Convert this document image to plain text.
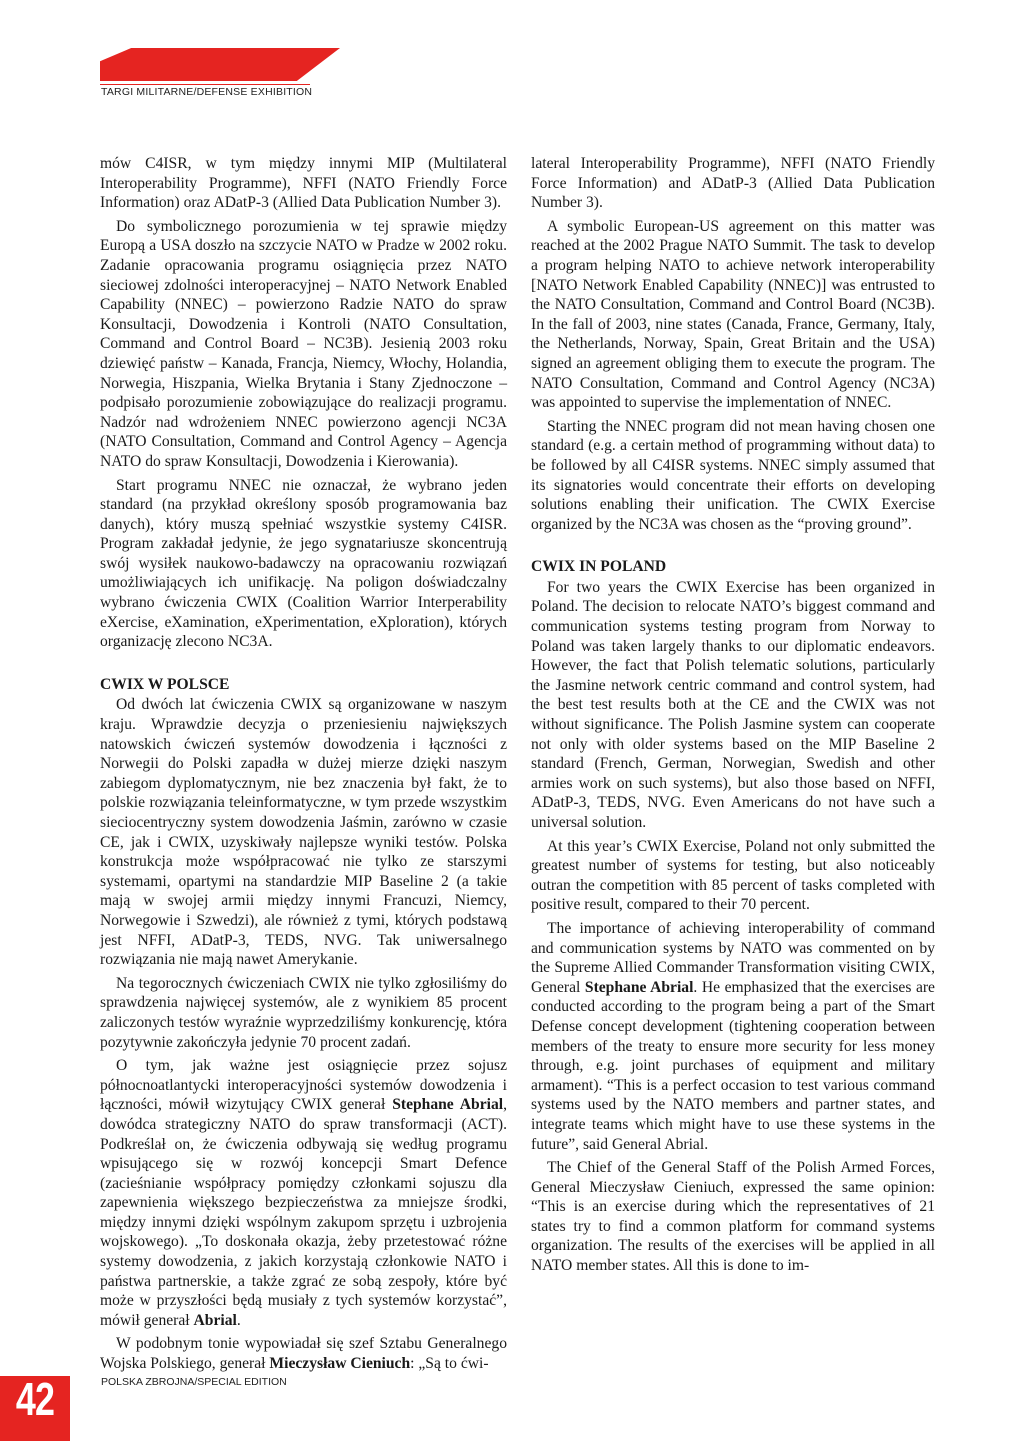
TARGI MILITARNE/DEFENSE EXHIBITION

mów C4ISR, w tym między innymi MIP (Multilateral Interoperability Programme), NFFI (NATO Friendly Force Information) oraz ADatP-3 (Allied Data Publication Number 3).

Do symbolicznego porozumienia w tej sprawie między Europą a USA doszło na szczycie NATO w Pradze w 2002 roku. Zadanie opracowania programu osiągnięcia przez NATO sieciowej zdolności interoperacyjnej – NATO Network Enabled Capability (NNEC) – powierzono Radzie NATO do spraw Konsultacji, Dowodzenia i Kontroli (NATO Consultation, Command and Control Board – NC3B). Jesienią 2003 roku dziewięć państw – Kanada, Francja, Niemcy, Włochy, Holandia, Norwegia, Hiszpania, Wielka Brytania i Stany Zjednoczone – podpisało porozumienie zobowiązujące do realizacji programu. Nadzór nad wdrożeniem NNEC powierzono agencji NC3A (NATO Consultation, Command and Control Agency – Agencja NATO do spraw Konsultacji, Dowodzenia i Kierowania).

Start programu NNEC nie oznaczał, że wybrano jeden standard (na przykład określony sposób programowania baz danych), który muszą spełniać wszystkie systemy C4ISR. Program zakładał jedynie, że jego sygnatariusze skoncentrują swój wysiłek naukowo-badawczy na opracowaniu rozwiązań umożliwiających ich unifikację. Na poligon doświadczalny wybrano ćwiczenia CWIX (Coalition Warrior Interperability eXercise, eXamination, eXperimentation, eXploration), których organizację zlecono NC3A.

CWIX W POLSCE

Od dwóch lat ćwiczenia CWIX są organizowane w naszym kraju. Wprawdzie decyzja o przeniesieniu największych natowskich ćwiczeń systemów dowodzenia i łączności z Norwegii do Polski zapadła w dużej mierze dzięki naszym zabiegom dyplomatycznym, nie bez znaczenia był fakt, że to polskie rozwiązania teleinformatyczne, w tym przede wszystkim sieciocentryczny system dowodzenia Jaśmin, zarówno w czasie CE, jak i CWIX, uzyskiwały najlepsze wyniki testów. Polska konstrukcja może współpracować nie tylko ze starszymi systemami, opartymi na standardzie MIP Baseline 2 (a takie mają w swojej armii między innymi Francuzi, Niemcy, Norwegowie i Szwedzi), ale również z tymi, których podstawą jest NFFI, ADatP-3, TEDS, NVG. Tak uniwersalnego rozwiązania nie mają nawet Amerykanie.

Na tegorocznych ćwiczeniach CWIX nie tylko zgłosiliśmy do sprawdzenia najwięcej systemów, ale z wynikiem 85 procent zaliczonych testów wyraźnie wyprzedziliśmy konkurencję, która pozytywnie zakończyła jedynie 70 procent zadań.

O tym, jak ważne jest osiągnięcie przez sojusz północnoatlantycki interoperacyjności systemów dowodzenia i łączności, mówił wizytujący CWIX generał Stephane Abrial, dowódca strategiczny NATO do spraw transformacji (ACT). Podkreślał on, że ćwiczenia odbywają się według programu wpisującego się w rozwój koncepcji Smart Defence (zacieśnianie współpracy pomiędzy członkami sojuszu dla zapewnienia większego bezpieczeństwa za mniejsze środki, między innymi dzięki wspólnym zakupom sprzętu i uzbrojenia wojskowego). „To doskonała okazja, żeby przetestować różne systemy dowodzenia, z jakich korzystają członkowie NATO i państwa partnerskie, a także zgrać ze sobą zespoły, które być może w przyszłości będą musiały z tych systemów korzystać”, mówił generał Abrial.

W podobnym tonie wypowiadał się szef Sztabu Generalnego Wojska Polskiego, generał Mieczysław Cieniuch: „Są to ćwi-

lateral Interoperability Programme), NFFI (NATO Friendly Force Information) and ADatP-3 (Allied Data Publication Number 3).

A symbolic European-US agreement on this matter was reached at the 2002 Prague NATO Summit. The task to develop a program helping NATO to achieve network interoperability [NATO Network Enabled Capability (NNEC)] was entrusted to the NATO Consultation, Command and Control Board (NC3B). In the fall of 2003, nine states (Canada, France, Germany, Italy, the Netherlands, Norway, Spain, Great Britain and the USA) signed an agreement obliging them to execute the program. The NATO Consultation, Command and Control Agency (NC3A) was appointed to supervise the implementation of NNEC.

Starting the NNEC program did not mean having chosen one standard (e.g. a certain method of programming without data) to be followed by all C4ISR systems. NNEC simply assumed that its signatories would concentrate their efforts on developing solutions enabling their unification. The CWIX Exercise organized by the NC3A was chosen as the “proving ground”.

CWIX IN POLAND

For two years the CWIX Exercise has been organized in Poland. The decision to relocate NATO’s biggest command and communication systems testing program from Norway to Poland was taken largely thanks to our diplomatic endeavors. However, the fact that Polish telematic solutions, particularly the Jasmine network centric command and control system, had the best test results both at the CE and the CWIX was not without significance. The Polish Jasmine system can cooperate not only with older systems based on the MIP Baseline 2 standard (French, German, Norwegian, Swedish and other armies work on such systems), but also those based on NFFI, ADatP-3, TEDS, NVG. Even Americans do not have such a universal solution.

At this year’s CWIX Exercise, Poland not only submitted the greatest number of systems for testing, but also noticeably outran the competition with 85 percent of tasks completed with positive result, compared to their 70 percent.

The importance of achieving interoperability of command and communication systems by NATO was commented on by the Supreme Allied Commander Transformation visiting CWIX, General Stephane Abrial. He emphasized that the exercises are conducted according to the program being a part of the Smart Defense concept development (tightening cooperation between members of the treaty to ensure more security for less money through, e.g. joint purchases of equipment and military armament). “This is a perfect occasion to test various command systems used by the NATO members and partner states, and integrate teams which might have to use these systems in the future”, said General Abrial.

The Chief of the General Staff of the Polish Armed Forces, General Mieczysław Cieniuch, expressed the same opinion: “This is an exercise during which the representatives of 21 states try to find a common platform for command systems organization. The results of the exercises will be applied in all NATO member states. All this is done to im-

42	POLSKA ZBROJNA/SPECIAL EDITION
